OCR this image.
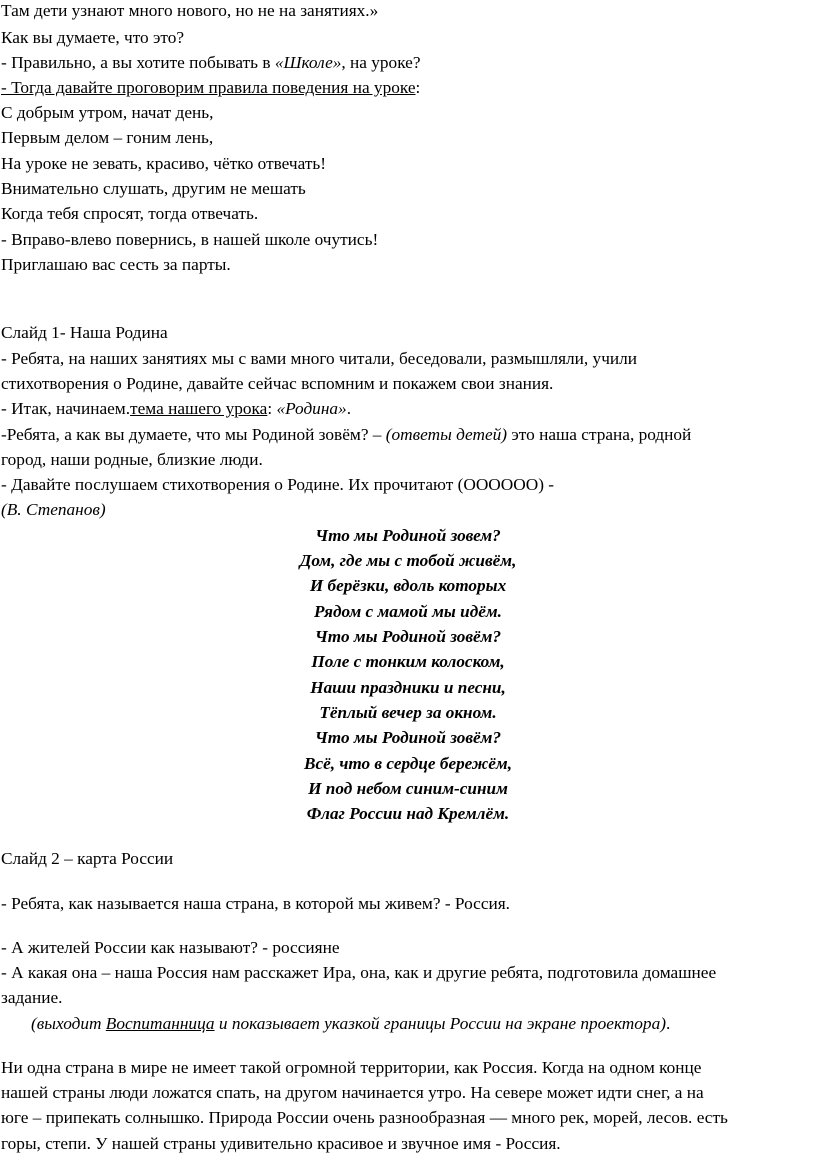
Там дети узнают много нового, но не на занятиях.»
Как вы думаете, что это?
- Правильно, а вы хотите побывать в «Школе», на уроке?
- Тогда давайте проговорим правила поведения на уроке:
С добрым утром, начат день,
Первым делом – гоним лень,
На уроке не зевать, красиво, чётко отвечать!
Внимательно слушать, другим не мешать
Когда тебя спросят, тогда отвечать.
- Вправо-влево повернись, в нашей школе очутись!
Приглашаю вас сесть за парты.
Слайд 1- Наша Родина
- Ребята, на наших занятиях мы с вами много читали, беседовали, размышляли, учили
стихотворения о Родине, давайте сейчас вспомним и покажем свои знания.
- Итак, начинаем.тема нашего урока: «Родина».
-Ребята, а как вы думаете, что мы Родиной зовём? – (ответы детей) это наша страна, родной
город, наши родные, близкие люди.
- Давайте послушаем стихотворения о Родине. Их прочитают (ОООООО) -
(В. Степанов)
Что мы Родиной зовем?
Дом, где мы с тобой живём,
И берёзки, вдоль которых
Рядом с мамой мы идём.
Что мы Родиной зовём?
Поле с тонким колоском,
Наши праздники и песни,
Тёплый вечер за окном.
Что мы Родиной зовём?
Всё, что в сердце бережём,
И под небом синим-синим
Флаг России над Кремлём.
Слайд 2 – карта России
- Ребята, как называется наша страна, в которой мы живем? - Россия.
- А жителей России как называют? - россияне
- А какая она – наша Россия нам расскажет Ира, она, как и другие ребята, подготовила домашнее
задание.
(выходит Воспитанница и показывает указкой границы России на экране проектора).
Ни одна страна в мире не имеет такой огромной территории, как Россия. Когда на одном конце
нашей страны люди ложатся спать, на другом начинается утро. На севере может идти снег, а на
юге – припекать солнышко. Природа России очень разнообразная — много рек, морей, лесов. есть
горы, степи. У нашей страны удивительно красивое и звучное имя - Россия.
